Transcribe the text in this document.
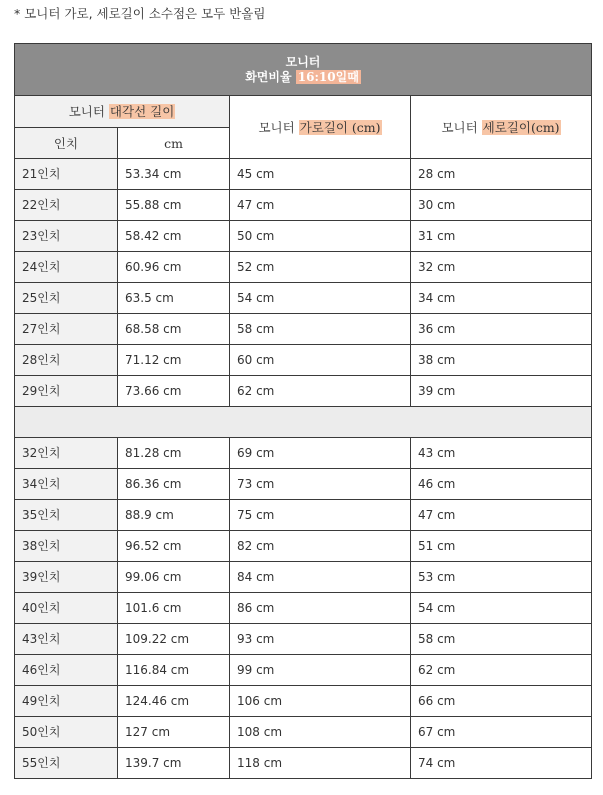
* 모니터 가로, 세로길이 소수점은 모두 반올림
모니터
화면비율 16:10일때			

모니터 대각선 길이		모니터 가로길이 (cm)	모니터 세로길이(cm)
인치	cm		
21인치	53.34 cm	45 cm	28 cm
22인치	55.88 cm	47 cm	30 cm
23인치	58.42 cm	50 cm	31 cm
24인치	60.96 cm	52 cm	32 cm
25인치	63.5 cm	54 cm	34 cm
27인치	68.58 cm	58 cm	36 cm
28인치	71.12 cm	60 cm	38 cm
29인치	73.66 cm	62 cm	39 cm

32인치	81.28 cm	69 cm	43 cm
34인치	86.36 cm	73 cm	46 cm
35인치	88.9 cm	75 cm	47 cm
38인치	96.52 cm	82 cm	51 cm
39인치	99.06 cm	84 cm	53 cm
40인치	101.6 cm	86 cm	54 cm
43인치	109.22 cm	93 cm	58 cm
46인치	116.84 cm	99 cm	62 cm
49인치	124.46 cm	106 cm	66 cm
50인치	127 cm	108 cm	67 cm
55인치	139.7 cm	118 cm	74 cm
